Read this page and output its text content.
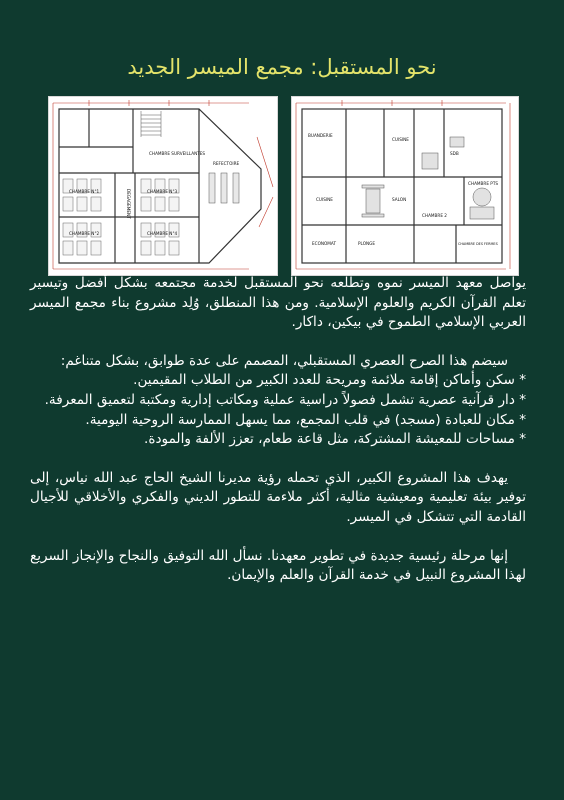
نحو المستقبل: مجمع الميسر الجديد
CHAMBRE SURVEILLANTES
REFECTOIRE
CHAMBRE N°1	CHAMBRE N°3
CHAMBRE N°2	CHAMBRE N°4
DEGAGEMENT
BUANDERIE
CUISINE
SDB
CUISINE	SALON
CHAMBRE PTS
CHAMBRE 2
ECONOMAT	PLONGE	CHAMBRE DES FERMES

يواصل معهد الميسر نموه وتطلعه نحو المستقبل لخدمة مجتمعه بشكل أفضل وتيسير تعلم القرآن الكريم والعلوم الإسلامية. ومن هذا المنطلق، وُلِد مشروع بناء مجمع الميسر العربي الإسلامي الطموح في بيكين، داكار.

سيضم هذا الصرح العصري المستقبلي، المصمم على عدة طوابق، بشكل متناغم:

* سكن وأماكن إقامة ملائمة ومريحة للعدد الكبير من الطلاب المقيمين.

* دار قرآنية عصرية تشمل فصولاً دراسية عملية ومكاتب إدارية ومكتبة لتعميق المعرفة.

* مكان للعبادة (مسجد) في قلب المجمع، مما يسهل الممارسة الروحية اليومية.

* مساحات للمعيشة المشتركة، مثل قاعة طعام، تعزز الألفة والمودة.

يهدف هذا المشروع الكبير، الذي تحمله رؤية مديرنا الشيخ الحاج عبد الله نياس، إلى توفير بيئة تعليمية ومعيشية مثالية، أكثر ملاءمة للتطور الديني والفكري والأخلاقي للأجيال القادمة التي تتشكل في الميسر.

إنها مرحلة رئيسية جديدة في تطوير معهدنا. نسأل الله التوفيق والنجاح والإنجاز السريع لهذا المشروع النبيل في خدمة القرآن والعلم والإيمان.
